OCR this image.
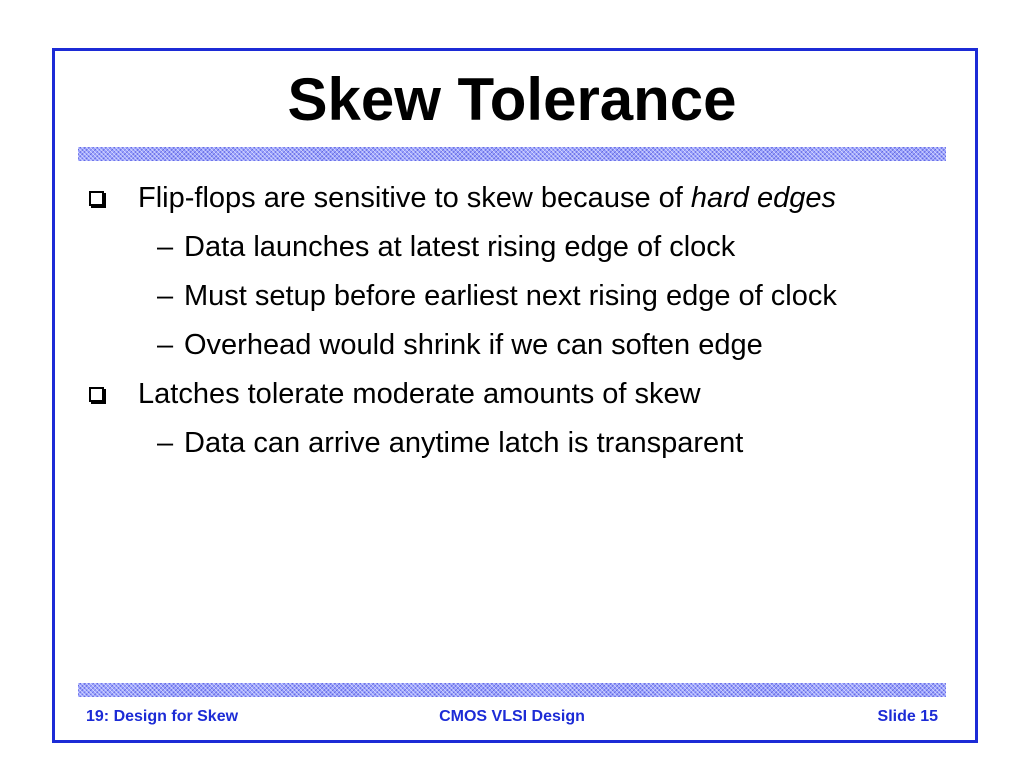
Skew Tolerance
Flip-flops are sensitive to skew because of hard edges
– Data launches at latest rising edge of clock
– Must setup before earliest next rising edge of clock
– Overhead would shrink if we can soften edge
Latches tolerate moderate amounts of skew
– Data can arrive anytime latch is transparent
19: Design for Skew	CMOS VLSI Design	Slide 15
